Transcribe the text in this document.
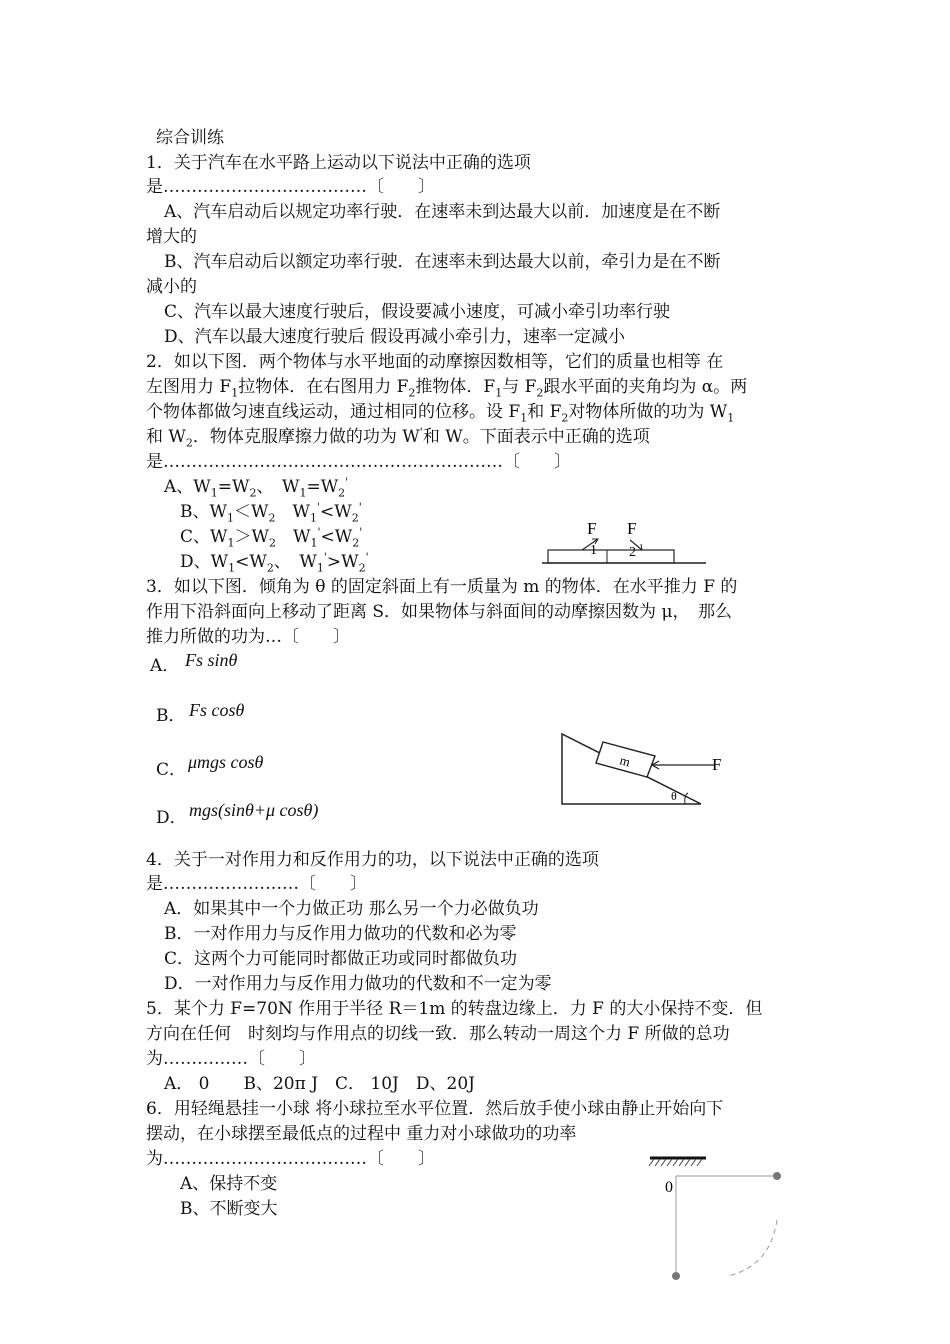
综合训练
1．关于汽车在水平路上运动以下说法中正确的选项
是………………………………〔　　〕
A、汽车启动后以规定功率行驶．在速率未到达最大以前．加速度是在不断
增大的
B、汽车启动后以额定功率行驶．在速率未到达最大以前，牵引力是在不断
减小的
C、汽车以最大速度行驶后，假设要减小速度，可减小牵引功率行驶
D、汽车以最大速度行驶后 假设再减小牵引力，速率一定减小
2．如以下图．两个物体与水平地面的动摩擦因数相等，它们的质量也相等 在
左图用力 $F_1$拉物体．在右图用力 $F_2$推物体．$F_1$与 $F_2$跟水平面的夹角均为 α。两
个物体都做匀速直线运动，通过相同的位移。设 $F_1$和 $F_2$对物体所做的功为 $W_1$
和 $W_2$．物体克服摩擦力做的功为 W'和 W。下面表示中正确的选项
是……………………………………………………〔　　〕
A、$W_1=W_2$、　$W_1=W_2'$
B、$W_1<W_2$　$W_1'<W_2'$
C、$W_1>W_2$　$W_1'<W_2'$
D、$W_1<W_2$、　$W_1'>W_2'$
F F
1 2
3．如以下图．倾角为 θ 的固定斜面上有一质量为 m 的物体．在水平推力 F 的
作用下沿斜面向上移动了距离 S．如果物体与斜面间的动摩擦因数为 μ，　那么
推力所做的功为…〔　　〕
A． Fs sinθ
B． Fs cosθ
C． μmgs cosθ
D． mgs(sinθ+μ cosθ)
m	F
θ
4．关于一对作用力和反作用力的功，以下说法中正确的选项
是……………………〔　　〕
A．如果其中一个力做正功 那么另一个力必做负功
B．一对作用力与反作用力做功的代数和必为零
C．这两个力可能同时都做正功或同时都做负功
D．一对作用力与反作用力做功的代数和不一定为零
5．某个力 F=70N 作用于半径 R＝1m 的转盘边缘上．力 F 的大小保持不变．但
方向在任何　时刻均与作用点的切线一致．那么转动一周这个力 F 所做的总功
为……………〔　　〕
A． 0　　B、20π J　C． 10J　D、20J
6．用轻绳悬挂一小球 将小球拉至水平位置．然后放手使小球由静止开始向下
摆动，在小球摆至最低点的过程中 重力对小球做功的功率
为………………………………〔　　〕
A、保持不变
B、不断变大
0
